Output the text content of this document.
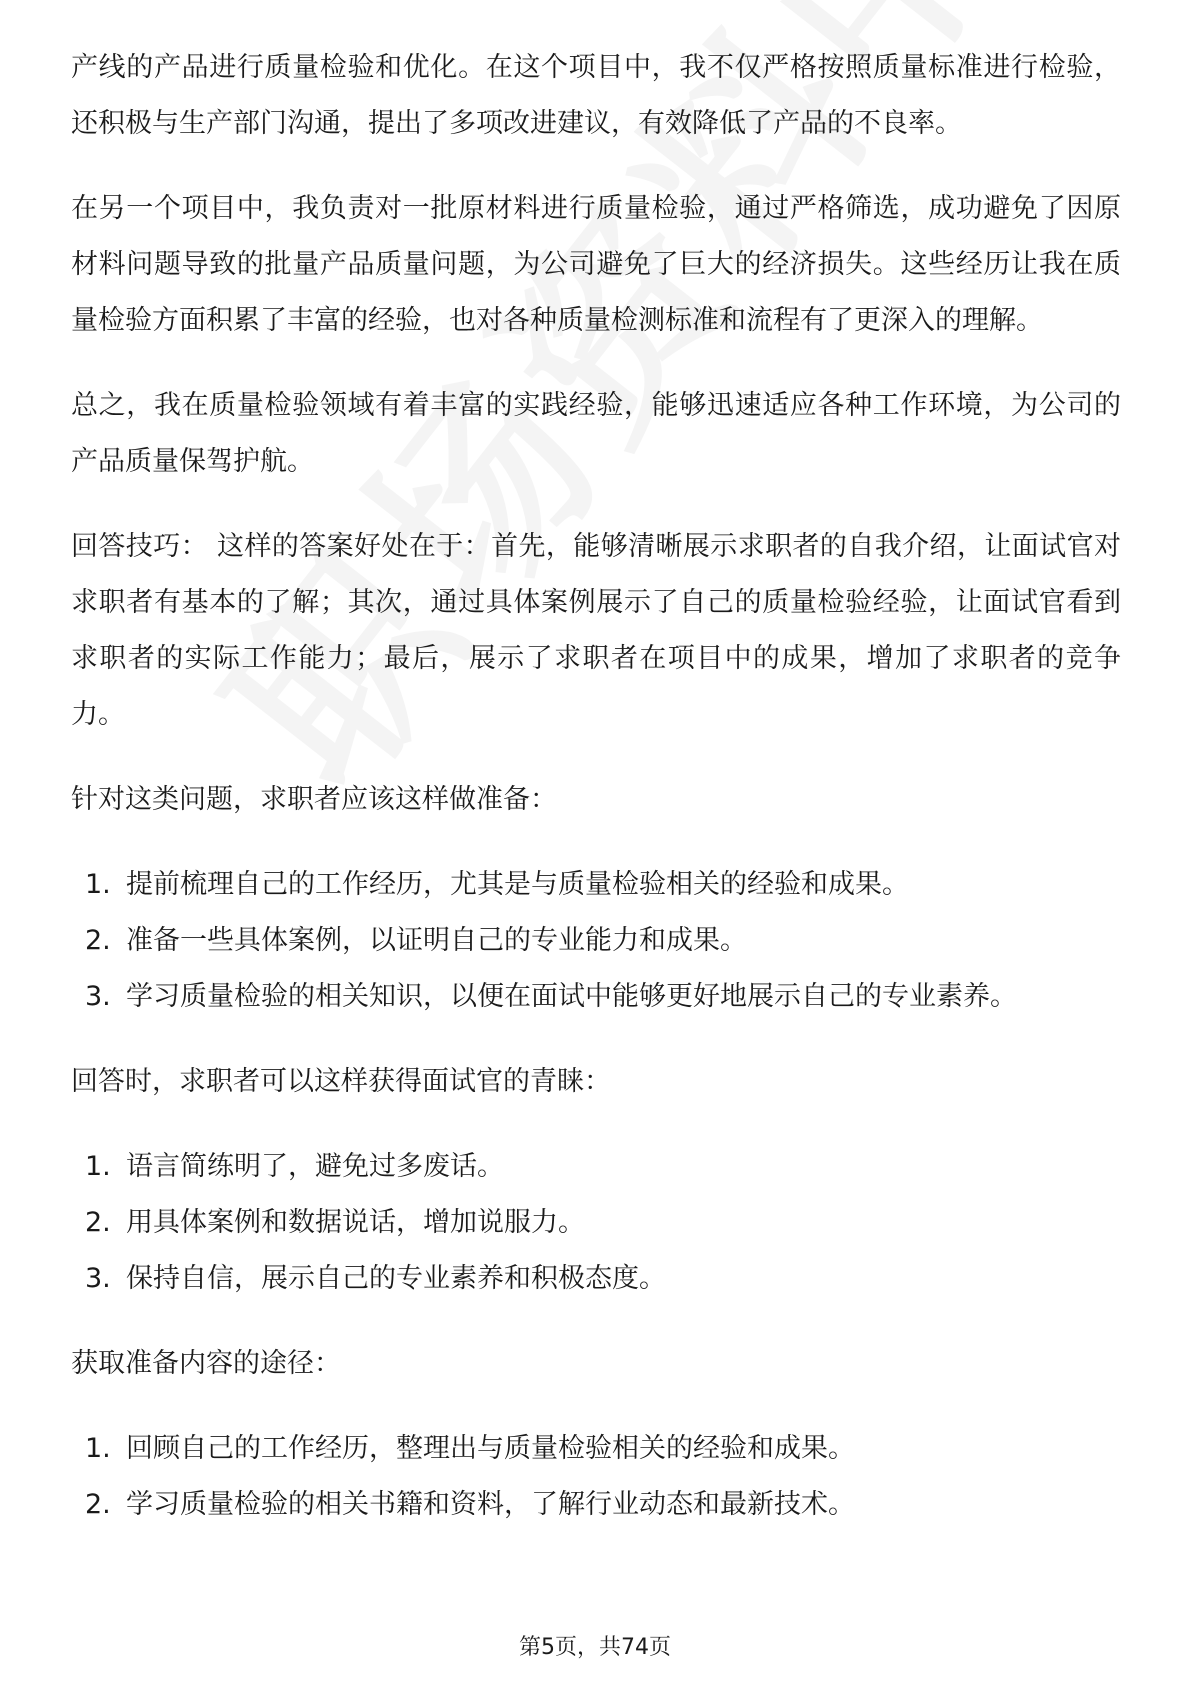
产线的产品进行质量检验和优化。在这个项目中，我不仅严格按照质量标准进行检验，还积极与生产部门沟通，提出了多项改进建议，有效降低了产品的不良率。

在另一个项目中，我负责对一批原材料进行质量检验，通过严格筛选，成功避免了因原材料问题导致的批量产品质量问题，为公司避免了巨大的经济损失。这些经历让我在质量检验方面积累了丰富的经验，也对各种质量检测标准和流程有了更深入的理解。

总之，我在质量检验领域有着丰富的实践经验，能够迅速适应各种工作环境，为公司的产品质量保驾护航。

回答技巧： 这样的答案好处在于：首先，能够清晰展示求职者的自我介绍，让面试官对求职者有基本的了解；其次，通过具体案例展示了自己的质量检验经验，让面试官看到求职者的实际工作能力；最后，展示了求职者在项目中的成果，增加了求职者的竞争力。

针对这类问题，求职者应该这样做准备：

1. 提前梳理自己的工作经历，尤其是与质量检验相关的经验和成果。
2. 准备一些具体案例，以证明自己的专业能力和成果。
3. 学习质量检验的相关知识，以便在面试中能够更好地展示自己的专业素养。

回答时，求职者可以这样获得面试官的青睐：

1. 语言简练明了，避免过多废话。
2. 用具体案例和数据说话，增加说服力。
3. 保持自信，展示自己的专业素养和积极态度。

获取准备内容的途径：

1. 回顾自己的工作经历，整理出与质量检验相关的经验和成果。
2. 学习质量检验的相关书籍和资料，了解行业动态和最新技术。
第5页，共74页
